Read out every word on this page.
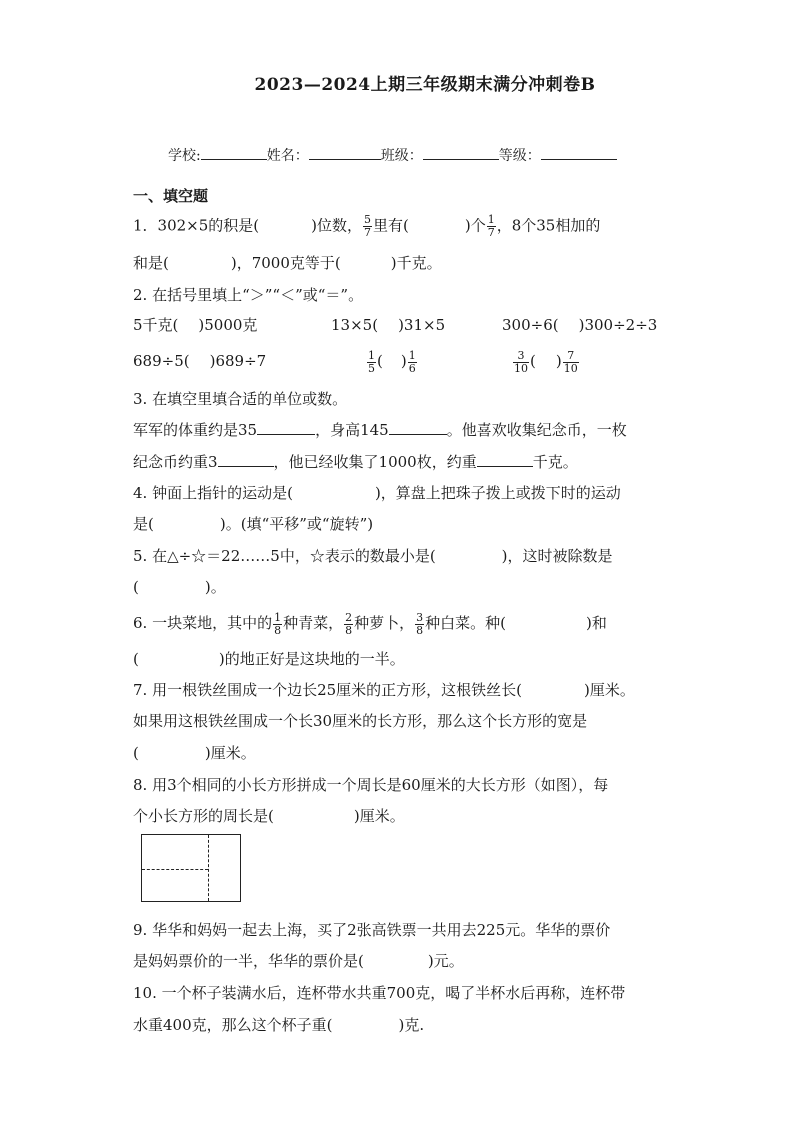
2023—2024上期三年级期末满分冲刺卷B
学校:	姓名：	班级：	等级：
一、填空题
1．302×5的积是(	)位数， $\frac{5}{7}$ 里有(	)个 $\frac{1}{7}$ ，8个35相加的
和是(	)，7000克等于(	)千克。
2. 在括号里填上“＞”“＜”或“＝”。
5千克( )5000克	13×5( )31×5	300÷6( )300÷2÷3
689÷5( )689÷7	$\frac{1}{5}$ ( ) $\frac{1}{6}$	$\frac{3}{10}$ ( ) $\frac{7}{10}$
3. 在填空里填合适的单位或数。
军军的体重约是35	，身高145	。他喜欢收集纪念币，一枚
纪念币约重3	，他已经收集了1000枚，约重	千克。
4. 钟面上指针的运动是(	)，算盘上把珠子拨上或拨下时的运动
是(	)。(填“平移”或“旋转”)
5. 在△÷☆＝22……5中，☆表示的数最小是(	)，这时被除数是
(	)。
6. 一块菜地，其中的 $\frac{1}{8}$ 种青菜， $\frac{2}{8}$ 种萝卜， $\frac{3}{8}$ 种白菜。种(	)和
(	)的地正好是这块地的一半。
7. 用一根铁丝围成一个边长25厘米的正方形，这根铁丝长(	)厘米。
如果用这根铁丝围成一个长30厘米的长方形，那么这个长方形的宽是
(	)厘米。
8. 用3个相同的小长方形拼成一个周长是60厘米的大长方形（如图），每
个小长方形的周长是(	)厘米。
9. 华华和妈妈一起去上海，买了2张高铁票一共用去225元。华华的票价
是妈妈票价的一半，华华的票价是(	)元。
10. 一个杯子装满水后，连杯带水共重700克，喝了半杯水后再称，连杯带
水重400克，那么这个杯子重(	)克.
